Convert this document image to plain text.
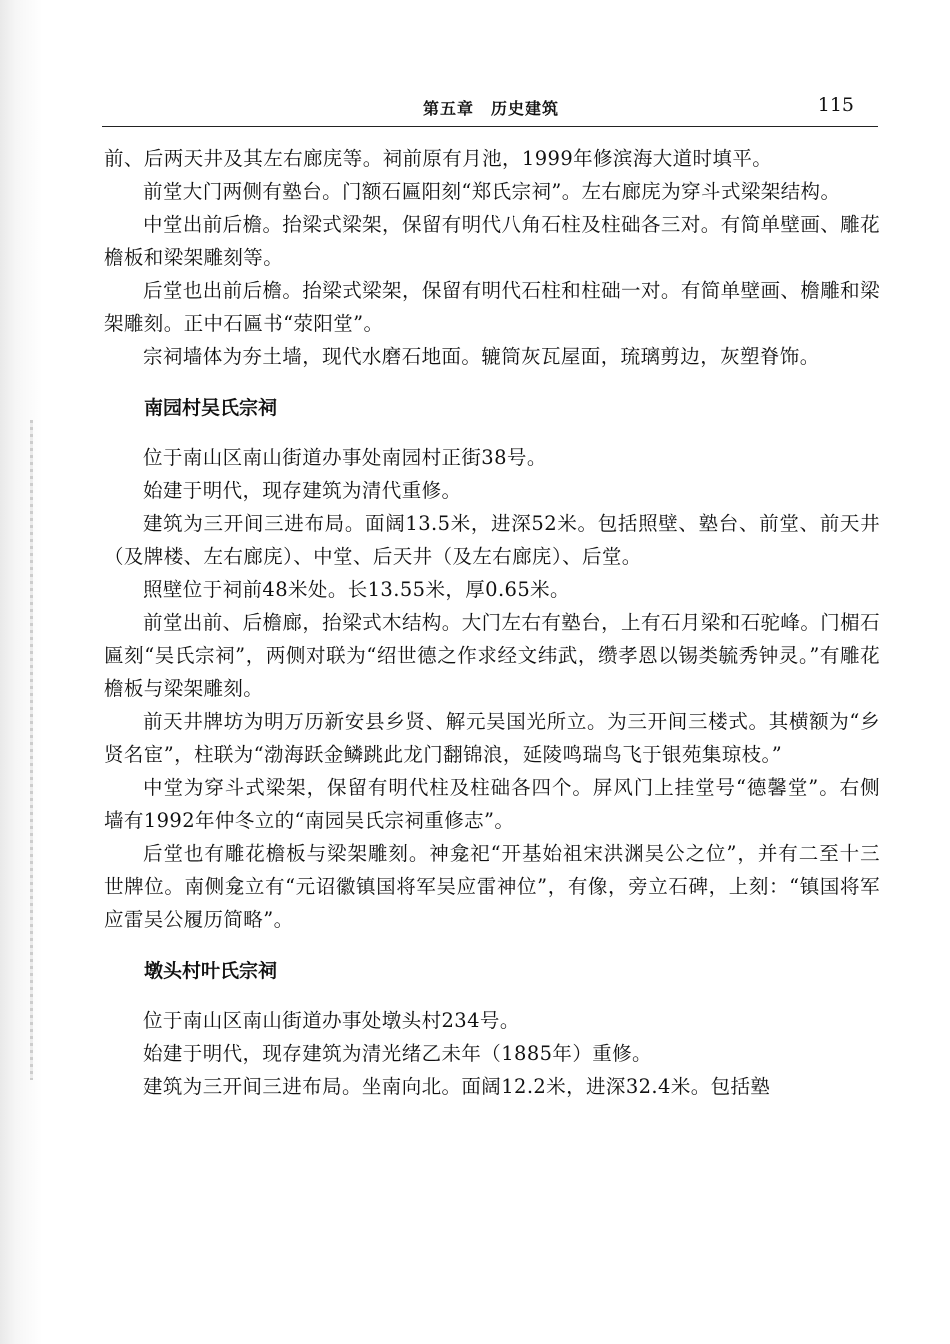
第五章　历史建筑	115

前、后两天井及其左右廊庑等。祠前原有月池，1999年修滨海大道时填平。

前堂大门两侧有塾台。门额石匾阳刻“郑氏宗祠”。左右廊庑为穿斗式梁架结构。

中堂出前后檐。抬梁式梁架，保留有明代八角石柱及柱础各三对。有简单壁画、雕花檐板和梁架雕刻等。

后堂也出前后檐。抬梁式梁架，保留有明代石柱和柱础一对。有简单壁画、檐雕和梁架雕刻。正中石匾书“荥阳堂”。

宗祠墙体为夯土墙，现代水磨石地面。辘筒灰瓦屋面，琉璃剪边，灰塑脊饰。

南园村吴氏宗祠

位于南山区南山街道办事处南园村正街38号。

始建于明代，现存建筑为清代重修。

建筑为三开间三进布局。面阔13.5米，进深52米。包括照壁、塾台、前堂、前天井（及牌楼、左右廊庑）、中堂、后天井（及左右廊庑）、后堂。

照壁位于祠前48米处。长13.55米，厚0.65米。

前堂出前、后檐廊，抬梁式木结构。大门左右有塾台，上有石月梁和石驼峰。门楣石匾刻“吴氏宗祠”，两侧对联为“绍世德之作求经文纬武，缵孝恩以锡类毓秀钟灵。”有雕花檐板与梁架雕刻。

前天井牌坊为明万历新安县乡贤、解元吴国光所立。为三开间三楼式。其横额为“乡贤名宦”，柱联为“渤海跃金鳞跳此龙门翻锦浪，延陵鸣瑞鸟飞于银苑集琼枝。”

中堂为穿斗式梁架，保留有明代柱及柱础各四个。屏风门上挂堂号“德馨堂”。右侧墙有1992年仲冬立的“南园吴氏宗祠重修志”。

后堂也有雕花檐板与梁架雕刻。神龛祀“开基始祖宋洪渊吴公之位”，并有二至十三世牌位。南侧龛立有“元诏徽镇国将军吴应雷神位”，有像，旁立石碑，上刻：“镇国将军应雷吴公履历简略”。

墩头村叶氏宗祠

位于南山区南山街道办事处墩头村234号。

始建于明代，现存建筑为清光绪乙未年（1885年）重修。

建筑为三开间三进布局。坐南向北。面阔12.2米，进深32.4米。包括塾
